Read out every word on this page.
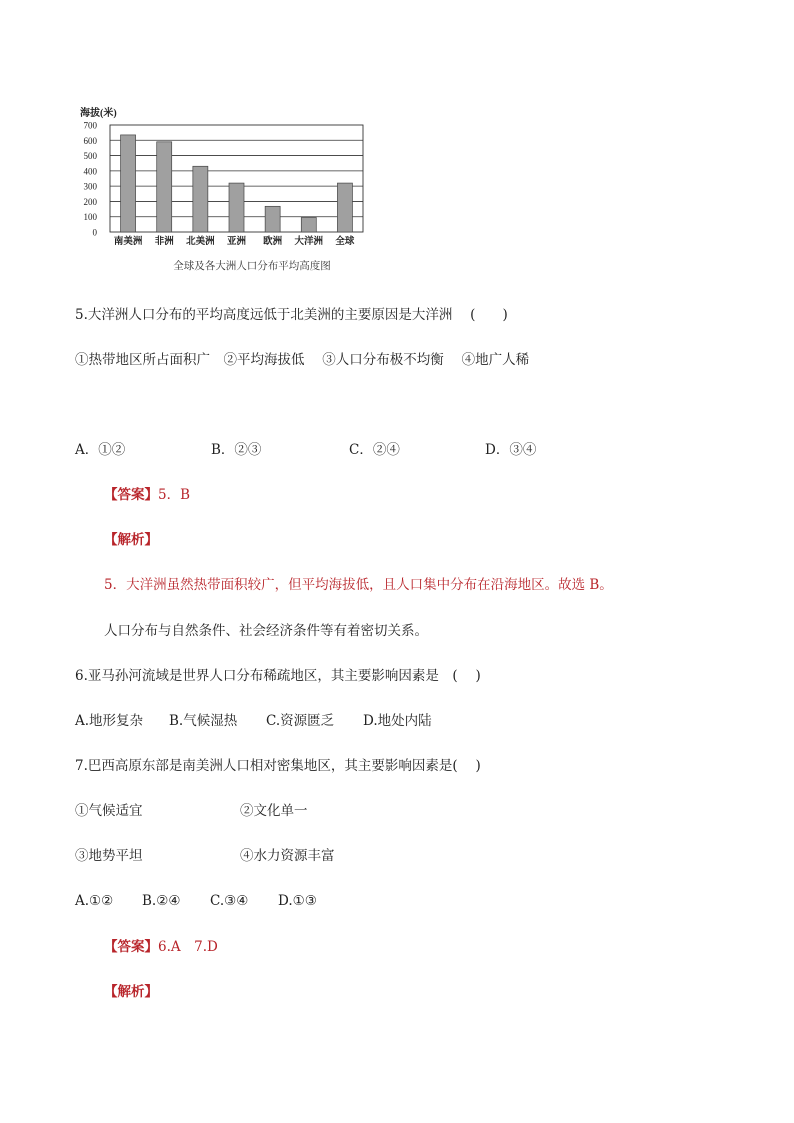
0
100
200
300
400
500
600
700
南美洲 非洲 北美洲 亚洲 欧洲 大洋洲 全球
海拔(米)
全球及各大洲人口分布平均高度图
5.大洋洲人口分布的平均高度远低于北美洲的主要原因是大洋洲　 (　　)
①热带地区所占面积广　②平均海拔低　 ③人口分布极不均衡　 ④地广人稀
A．①②	B．②③	C．②④	D．③④
【答案】5．B
【解析】
5．大洋洲虽然热带面积较广，但平均海拔低，且人口集中分布在沿海地区。故选 B。
人口分布与自然条件、社会经济条件等有着密切关系。
6.亚马孙河流域是世界人口分布稀疏地区，其主要影响因素是　(　 )
A.地形复杂 B.气候湿热 C.资源匮乏 D.地处内陆
7.巴西高原东部是南美洲人口相对密集地区，其主要影响因素是(　 )
①气候适宜	②文化单一
③地势平坦	④水力资源丰富
A.①② B.②④ C.③④ D.①③
【答案】6.A　7.D
【解析】
